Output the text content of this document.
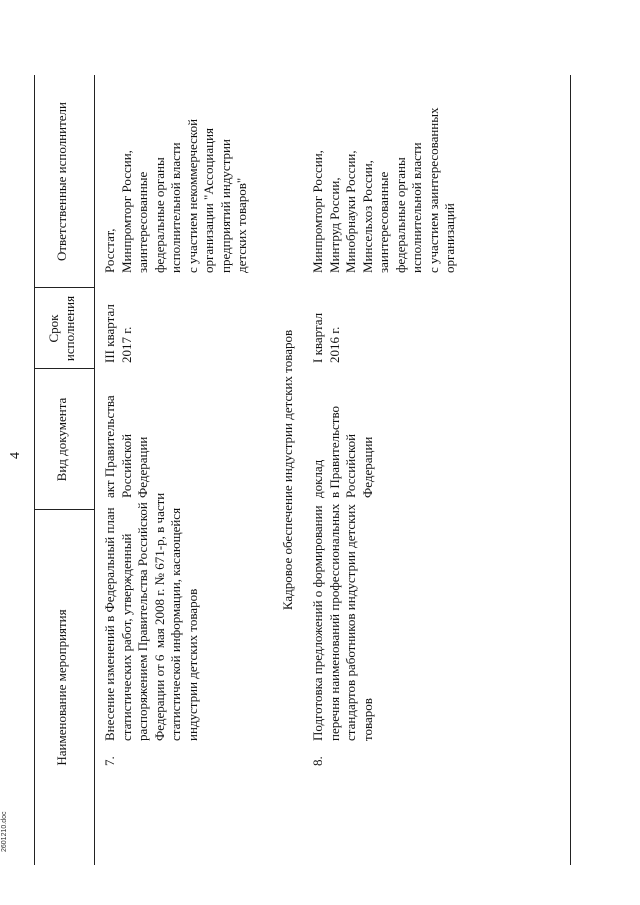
4
Наименование мероприятия
Вид документа
Срок
исполнения
Ответственные исполнители
7.
Внесение изменений в Федеральный план
статистических работ, утвержденный
распоряжением Правительства Российской
Федерации от 6  мая 2008 г. № 671-р, в части
статистической информации, касающейся
индустрии детских товаров
акт Правительства
Российской
Федерации
III квартал
2017 г.
Росстат,
Минпромторг России,
заинтересованные
федеральные органы
исполнительной власти
с участием некоммерческой
организации "Ассоциация
предприятий индустрии
детских товаров"
Кадровое обеспечение индустрии детских товаров
8.
Подготовка предложений о формировании
перечня наименований профессиональных
стандартов работников индустрии детских
товаров
доклад
в Правительство
Российской
Федерации
I квартал
2016 г.
Минпромторг России,
Минтруд России,
Минобрнауки России,
Минсельхоз России,
заинтересованные
федеральные органы
исполнительной власти
с участием заинтересованных
организаций
2601210.doc
